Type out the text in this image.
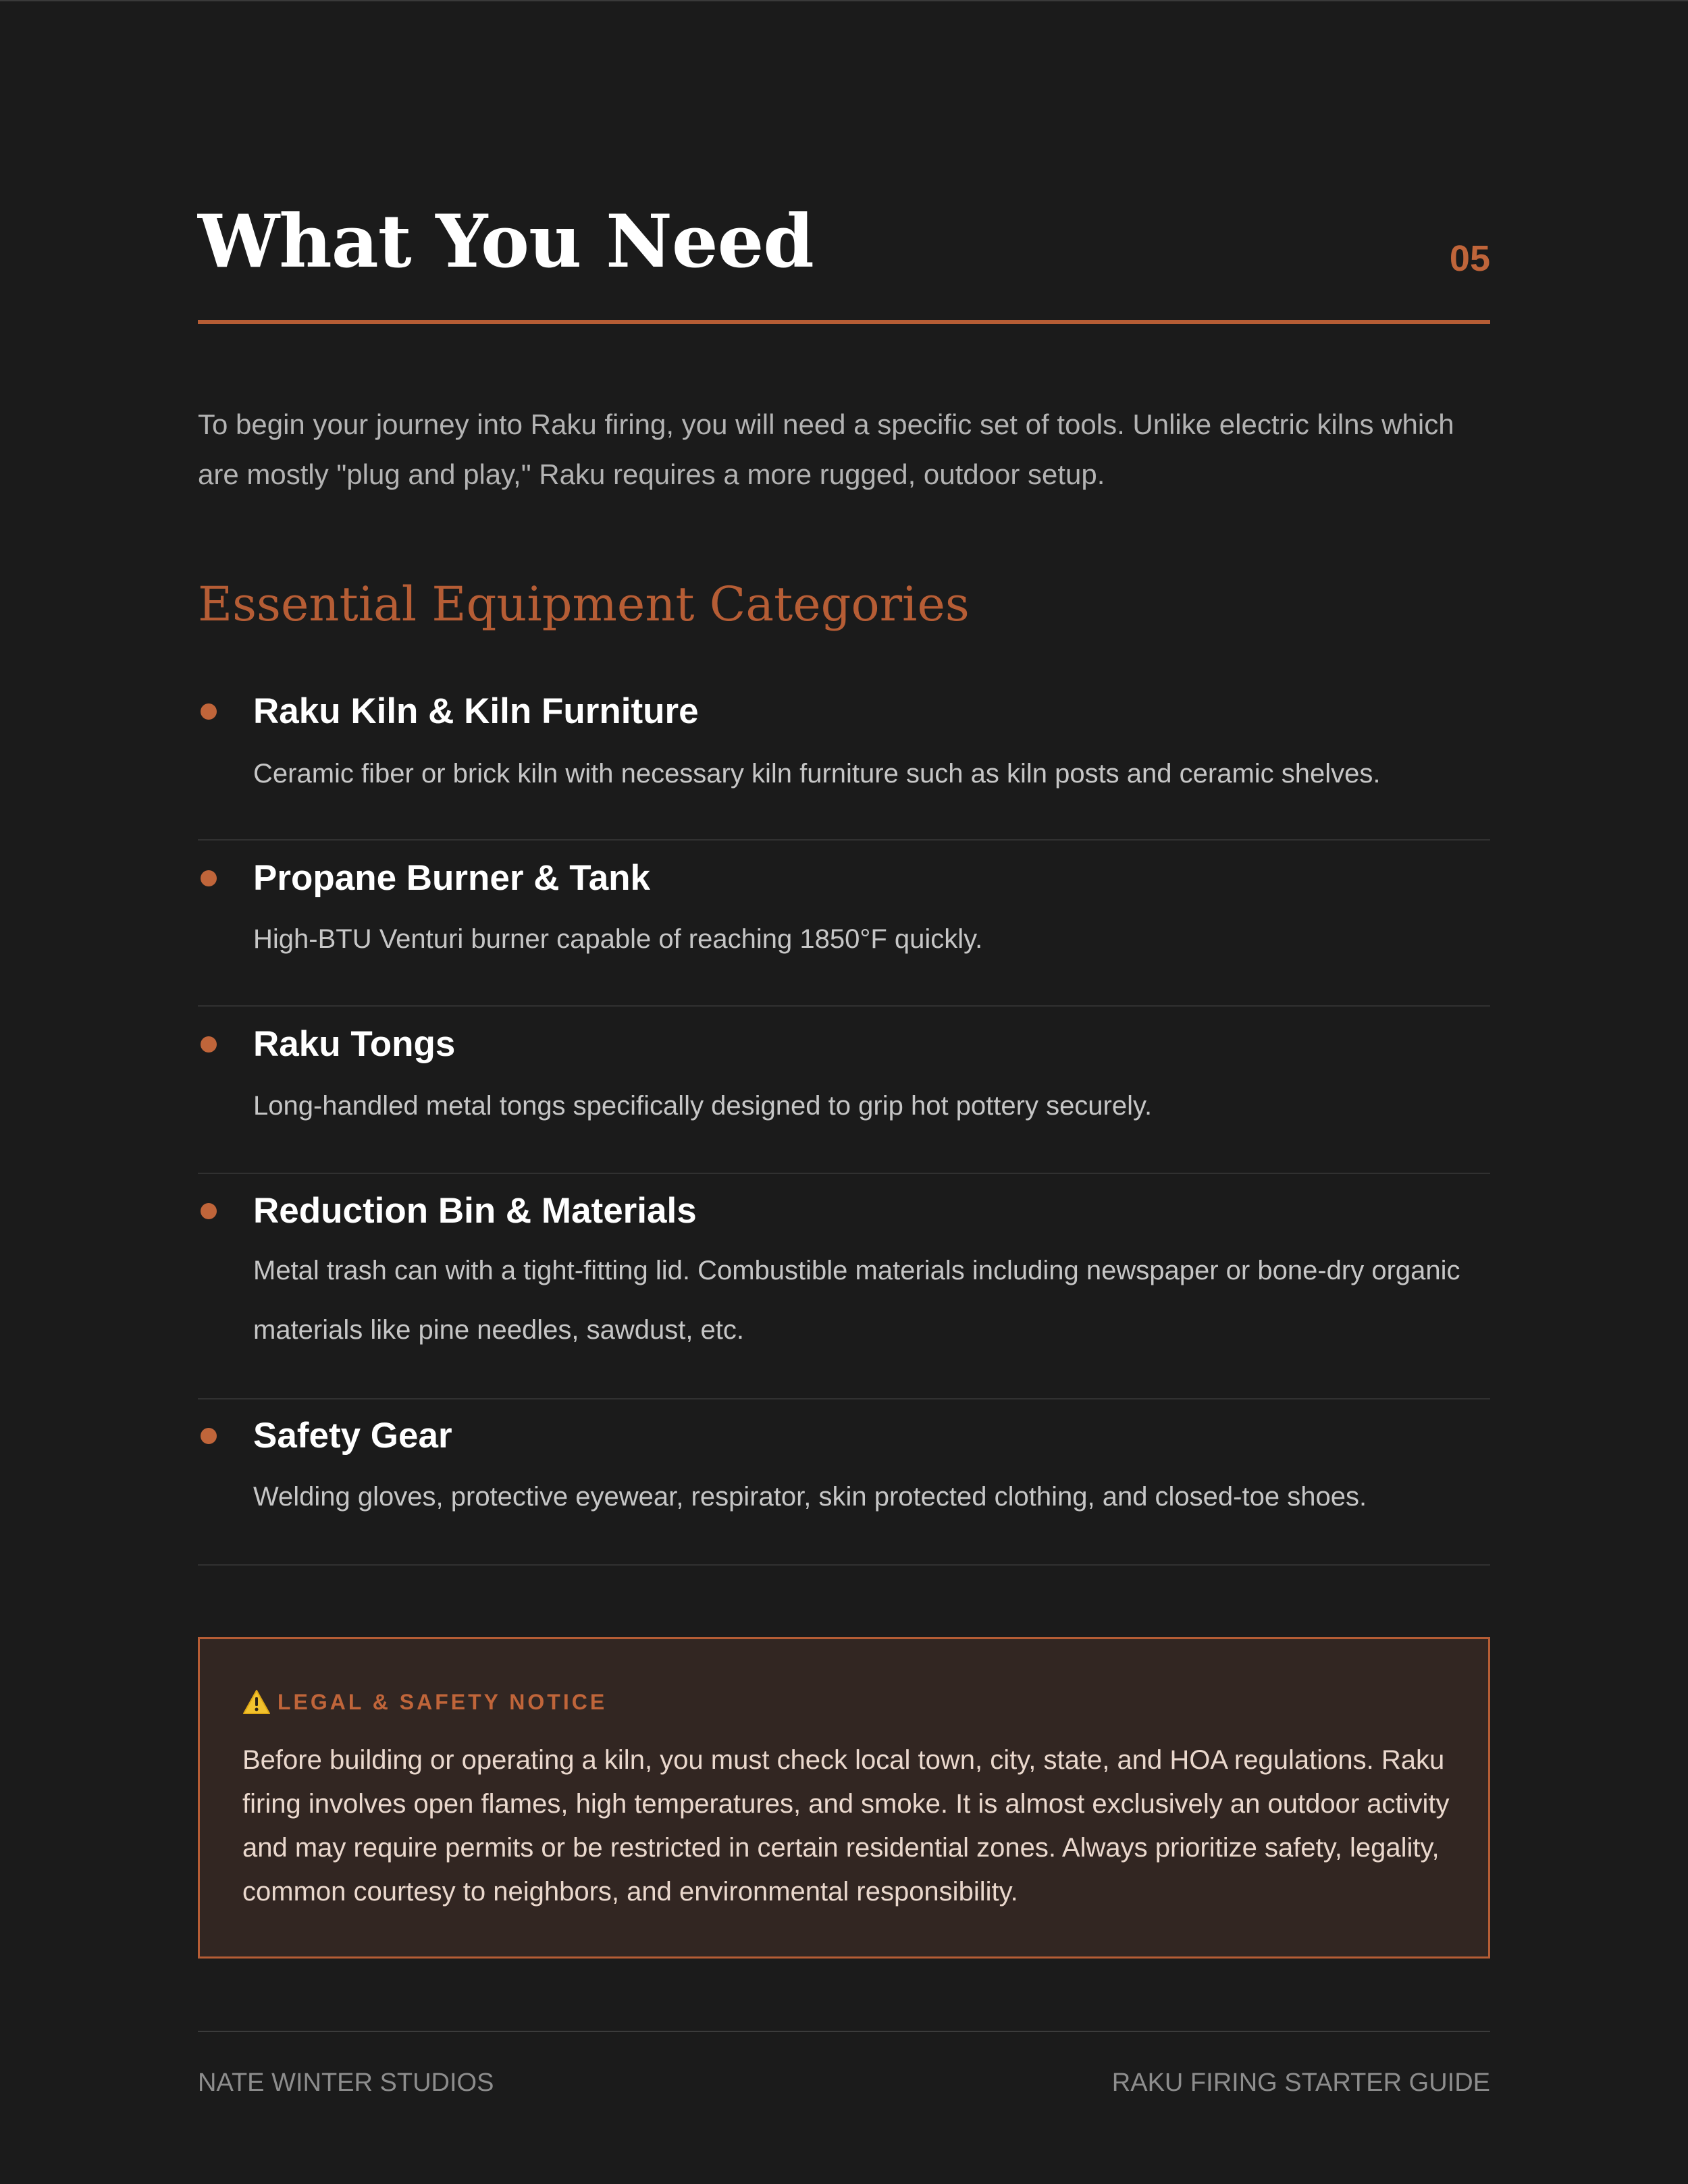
What You Need	05

To begin your journey into Raku firing, you will need a specific set of tools. Unlike electric kilns which are mostly "plug and play," Raku requires a more rugged, outdoor setup.

Essential Equipment Categories
Raku Kiln & Kiln Furniture
Ceramic fiber or brick kiln with necessary kiln furniture such as kiln posts and ceramic shelves.
Propane Burner & Tank
High-BTU Venturi burner capable of reaching 1850°F quickly.
Raku Tongs
Long-handled metal tongs specifically designed to grip hot pottery securely.
Reduction Bin & Materials
Metal trash can with a tight-fitting lid. Combustible materials including newspaper or bone-dry organic materials like pine needles, sawdust, etc.
Safety Gear
Welding gloves, protective eyewear, respirator, skin protected clothing, and closed-toe shoes.
LEGAL & SAFETY NOTICE

Before building or operating a kiln, you must check local town, city, state, and HOA regulations. Raku firing involves open flames, high temperatures, and smoke. It is almost exclusively an outdoor activity and may require permits or be restricted in certain residential zones. Always prioritize safety, legality, common courtesy to neighbors, and environmental responsibility.

NATE WINTER STUDIOS	RAKU FIRING STARTER GUIDE
